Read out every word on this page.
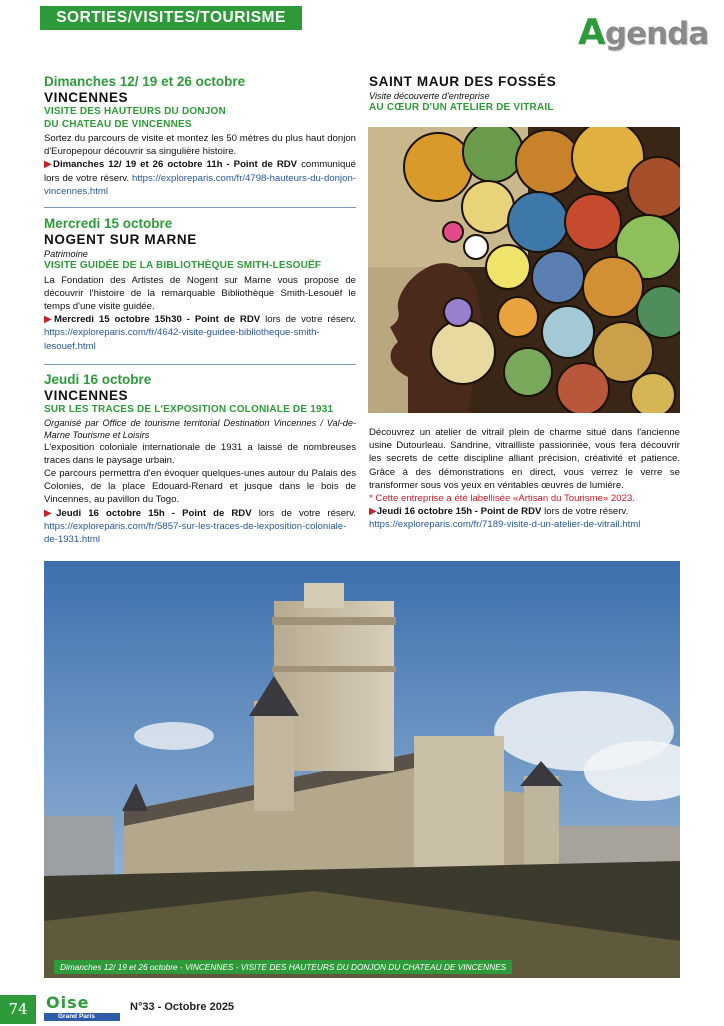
SORTIES/VISITES/TOURISME	Agenda
Dimanches 12/ 19 et 26 octobre
VINCENNES
VISITE DES HAUTEURS DU DONJON
DU CHATEAU DE VINCENNES

Sortez du parcours de visite et montez les 50 mètres du plus haut donjon d'Europepour découvrir sa singulière histoire.

▶Dimanches 12/ 19 et 26 octobre 11h - Point de RDV communiqué lors de votre réserv. https://exploreparis.com/fr/4798-hauteurs-du-donjon-vincennes.html

Mercredi 15 octobre
NOGENT SUR MARNE
Patrimoine
VISITE GUIDÉE DE LA BIBLIOTHÈQUE SMITH-LESOUËF

La Fondation des Artistes de Nogent sur Marne vous propose de découvrir l'histoire de la remarquable Bibliothèque Smith-Lesouëf le temps d'une visite guidée.

▶Mercredi 15 octobre 15h30 - Point de RDV lors de votre réserv. https://exploreparis.com/fr/4642-visite-guidee-bibliotheque-smith-lesouef.html

Jeudi 16 octobre
VINCENNES
SUR LES TRACES DE L'EXPOSITION COLONIALE DE 1931
Organisé par Office de tourisme territorial Destination Vincennes / Val-de-Marne Tourisme et Loisirs

L'exposition coloniale internationale de 1931 a laissé de nombreuses traces dans le paysage urbain.

Ce parcours permettra d'en évoquer quelques-unes autour du Palais des Colonies, de la place Edouard-Renard et jusque dans le bois de Vincennes, au pavillon du Togo.

▶Jeudi 16 octobre 15h - Point de RDV lors de votre réserv. https://exploreparis.com/fr/5857-sur-les-traces-de-lexposition-coloniale-de-1931.html

SAINT MAUR DES FOSSÉS
Visite découverte d'entreprise
AU CŒUR D'UN ATELIER DE VITRAIL

Découvrez un atelier de vitrail plein de charme situé dans l'ancienne usine Dutourleau. Sandrine, vitrailliste passionnée, vous fera découvrir les secrets de cette discipline alliant précision, créativité et patience. Grâce à des démonstrations en direct, vous verrez le verre se transformer sous vos yeux en véritables œuvres de lumière.

* Cette entreprise a été labellisée «Artisan du Tourisme» 2023.

▶Jeudi 16 octobre 15h - Point de RDV lors de votre réserv.

https://exploreparis.com/fr/7189-visite-d-un-atelier-de-vitrail.html

Dimanches 12/ 19 et 26 octobre - VINCENNES - VISITE DES HAUTEURS DU DONJON DU CHATEAU DE VINCENNES
74	Oise
Grand Paris
N°33 - Octobre 2025
